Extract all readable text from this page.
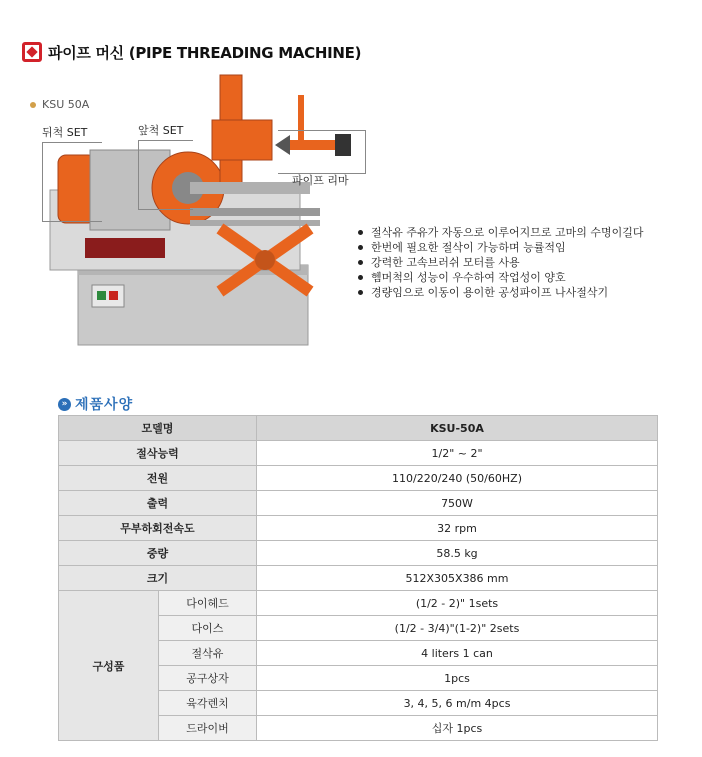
파이프 머신 (PIPE THREADING MACHINE)
KSU 50A
뒤척 SET	앞척 SET
파이프 리마
절삭유 주유가 자동으로 이루어지므로 고마의 수명이길다
한번에 필요한 절삭이 가능하며 능률적임
강력한 고속브러쉬 모터를 사용
헴머척의 성능이 우수하여 작업성이 양호
경량임으로 이동이 용이한 공성파이프 나사절삭기
» 제품사양
모델명		KSU-50A
절삭능력		1/2" ~ 2"
전원		110/220/240 (50/60HZ)
출력		750W
무부하회전속도		32 rpm
중량		58.5 kg
크기		512X305X386 mm
구성품	다이헤드	(1/2 - 2)" 1sets
	다이스	(1/2 - 3/4)"(1-2)" 2sets
	절삭유	4 liters 1 can
	공구상자	1pcs
	육각렌치	3, 4, 5, 6 m/m 4pcs
	드라이버	십자 1pcs
